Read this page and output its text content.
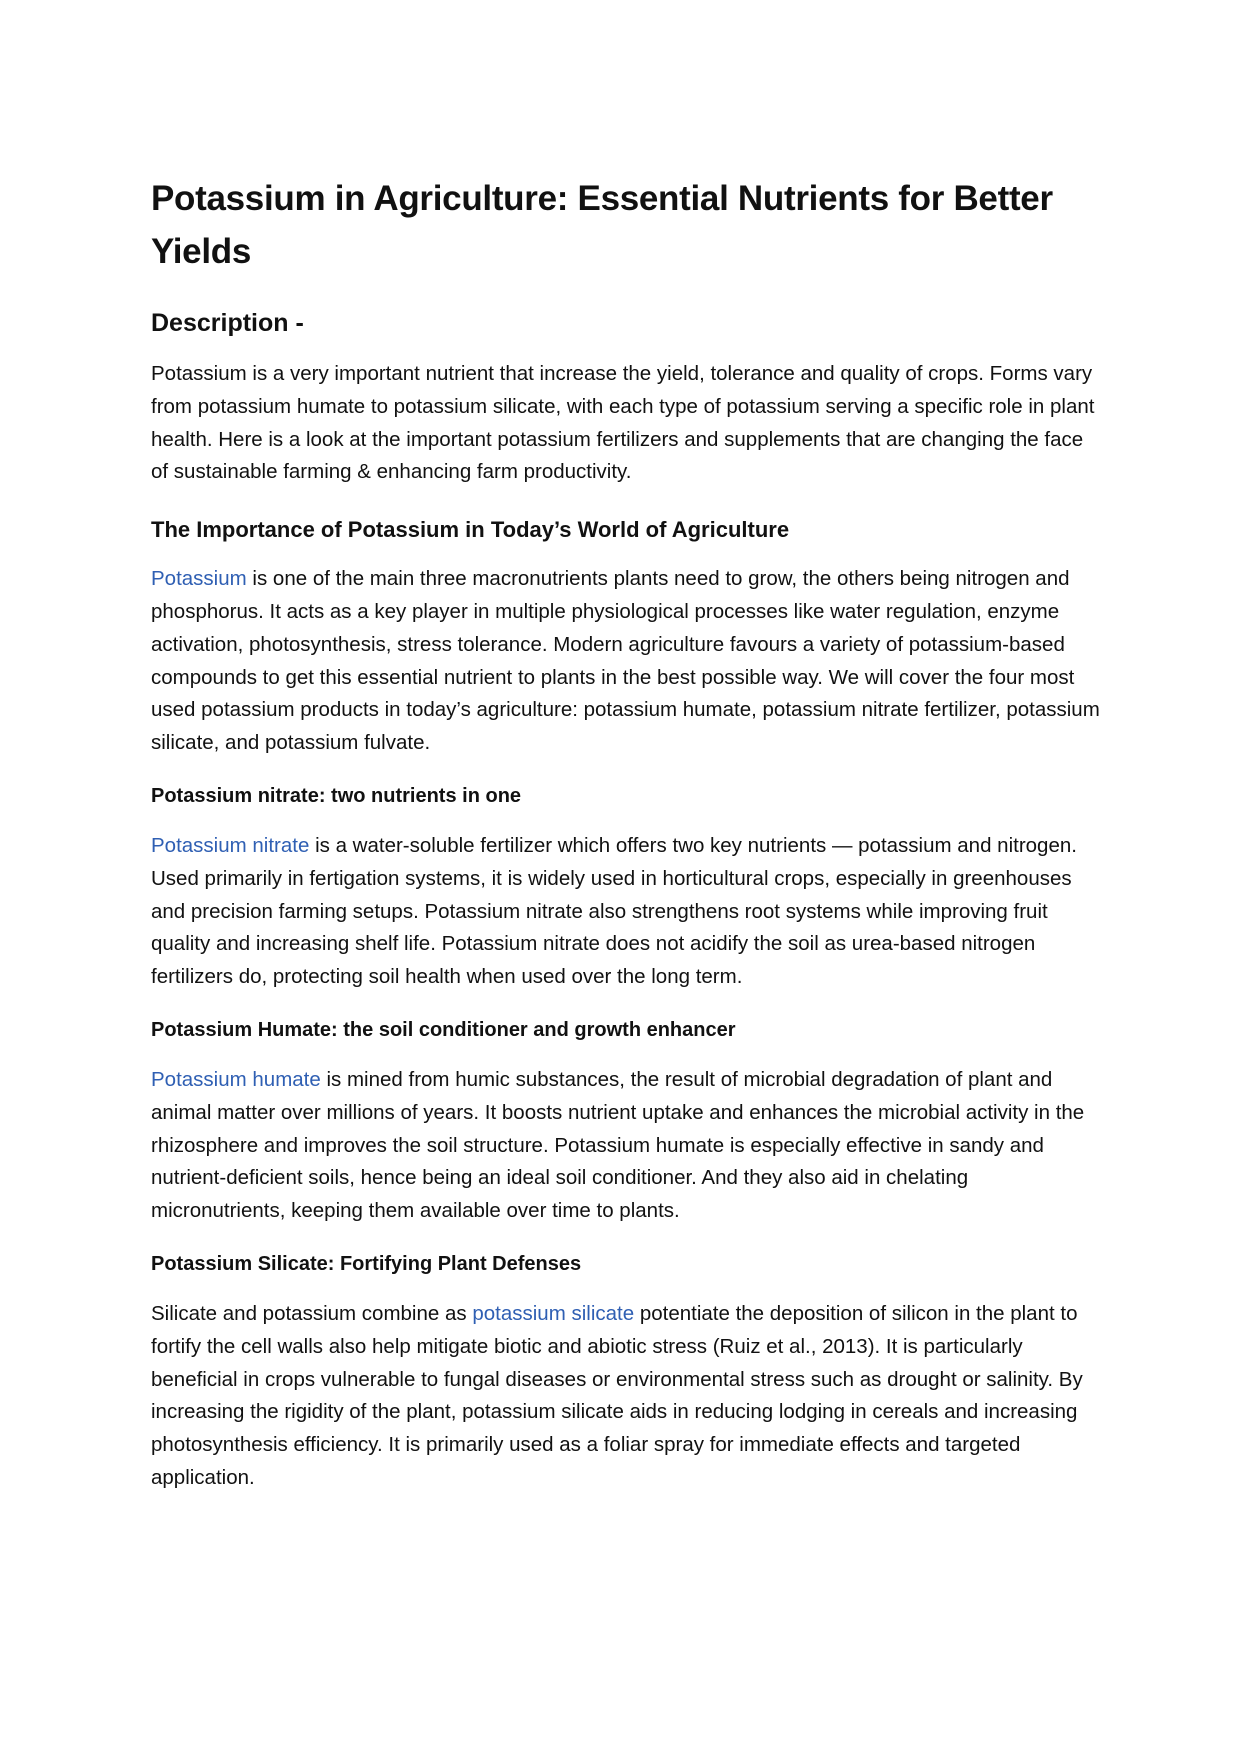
Potassium in Agriculture: Essential Nutrients for Better Yields
Description -

Potassium is a very important nutrient that increase the yield, tolerance and quality of crops. Forms vary from potassium humate to potassium silicate, with each type of potassium serving a specific role in plant health. Here is a look at the important potassium fertilizers and supplements that are changing the face of sustainable farming & enhancing farm productivity.

The Importance of Potassium in Today’s World of Agriculture

Potassium is one of the main three macronutrients plants need to grow, the others being nitrogen and phosphorus. It acts as a key player in multiple physiological processes like water regulation, enzyme activation, photosynthesis, stress tolerance. Modern agriculture favours a variety of potassium-based compounds to get this essential nutrient to plants in the best possible way. We will cover the four most used potassium products in today’s agriculture: potassium humate, potassium nitrate fertilizer, potassium silicate, and potassium fulvate.

Potassium nitrate: two nutrients in one

Potassium nitrate is a water-soluble fertilizer which offers two key nutrients — potassium and nitrogen. Used primarily in fertigation systems, it is widely used in horticultural crops, especially in greenhouses and precision farming setups. Potassium nitrate also strengthens root systems while improving fruit quality and increasing shelf life. Potassium nitrate does not acidify the soil as urea-based nitrogen fertilizers do, protecting soil health when used over the long term.

Potassium Humate: the soil conditioner and growth enhancer

Potassium humate is mined from humic substances, the result of microbial degradation of plant and animal matter over millions of years. It boosts nutrient uptake and enhances the microbial activity in the rhizosphere and improves the soil structure. Potassium humate is especially effective in sandy and nutrient-deficient soils, hence being an ideal soil conditioner. And they also aid in chelating micronutrients, keeping them available over time to plants.

Potassium Silicate: Fortifying Plant Defenses

Silicate and potassium combine as potassium silicate potentiate the deposition of silicon in the plant to fortify the cell walls also help mitigate biotic and abiotic stress (Ruiz et al., 2013). It is particularly beneficial in crops vulnerable to fungal diseases or environmental stress such as drought or salinity. By increasing the rigidity of the plant, potassium silicate aids in reducing lodging in cereals and increasing photosynthesis efficiency. It is primarily used as a foliar spray for immediate effects and targeted application.
